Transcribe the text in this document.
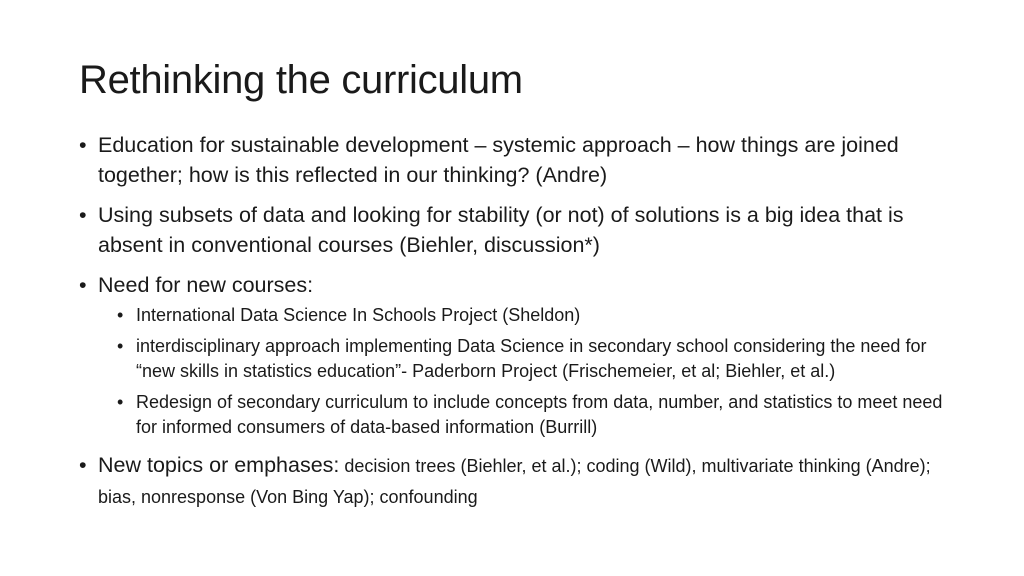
Rethinking the curriculum
• Education for sustainable development – systemic approach – how things are joined together; how is this reflected in our thinking? (Andre)
• Using subsets of data and looking for stability (or not) of solutions is a big idea that is absent in conventional courses (Biehler, discussion*)
• Need for new courses:
• International Data Science In Schools Project (Sheldon)
• interdisciplinary approach implementing Data Science in secondary school considering the need for “new skills in statistics education”- Paderborn Project (Frischemeier, et al; Biehler, et al.)
• Redesign of secondary curriculum to include concepts from data, number, and statistics to meet need for informed consumers of data-based information (Burrill)
• New topics or emphases: decision trees (Biehler, et al.); coding (Wild), multivariate thinking (Andre); bias, nonresponse (Von Bing Yap); confounding
